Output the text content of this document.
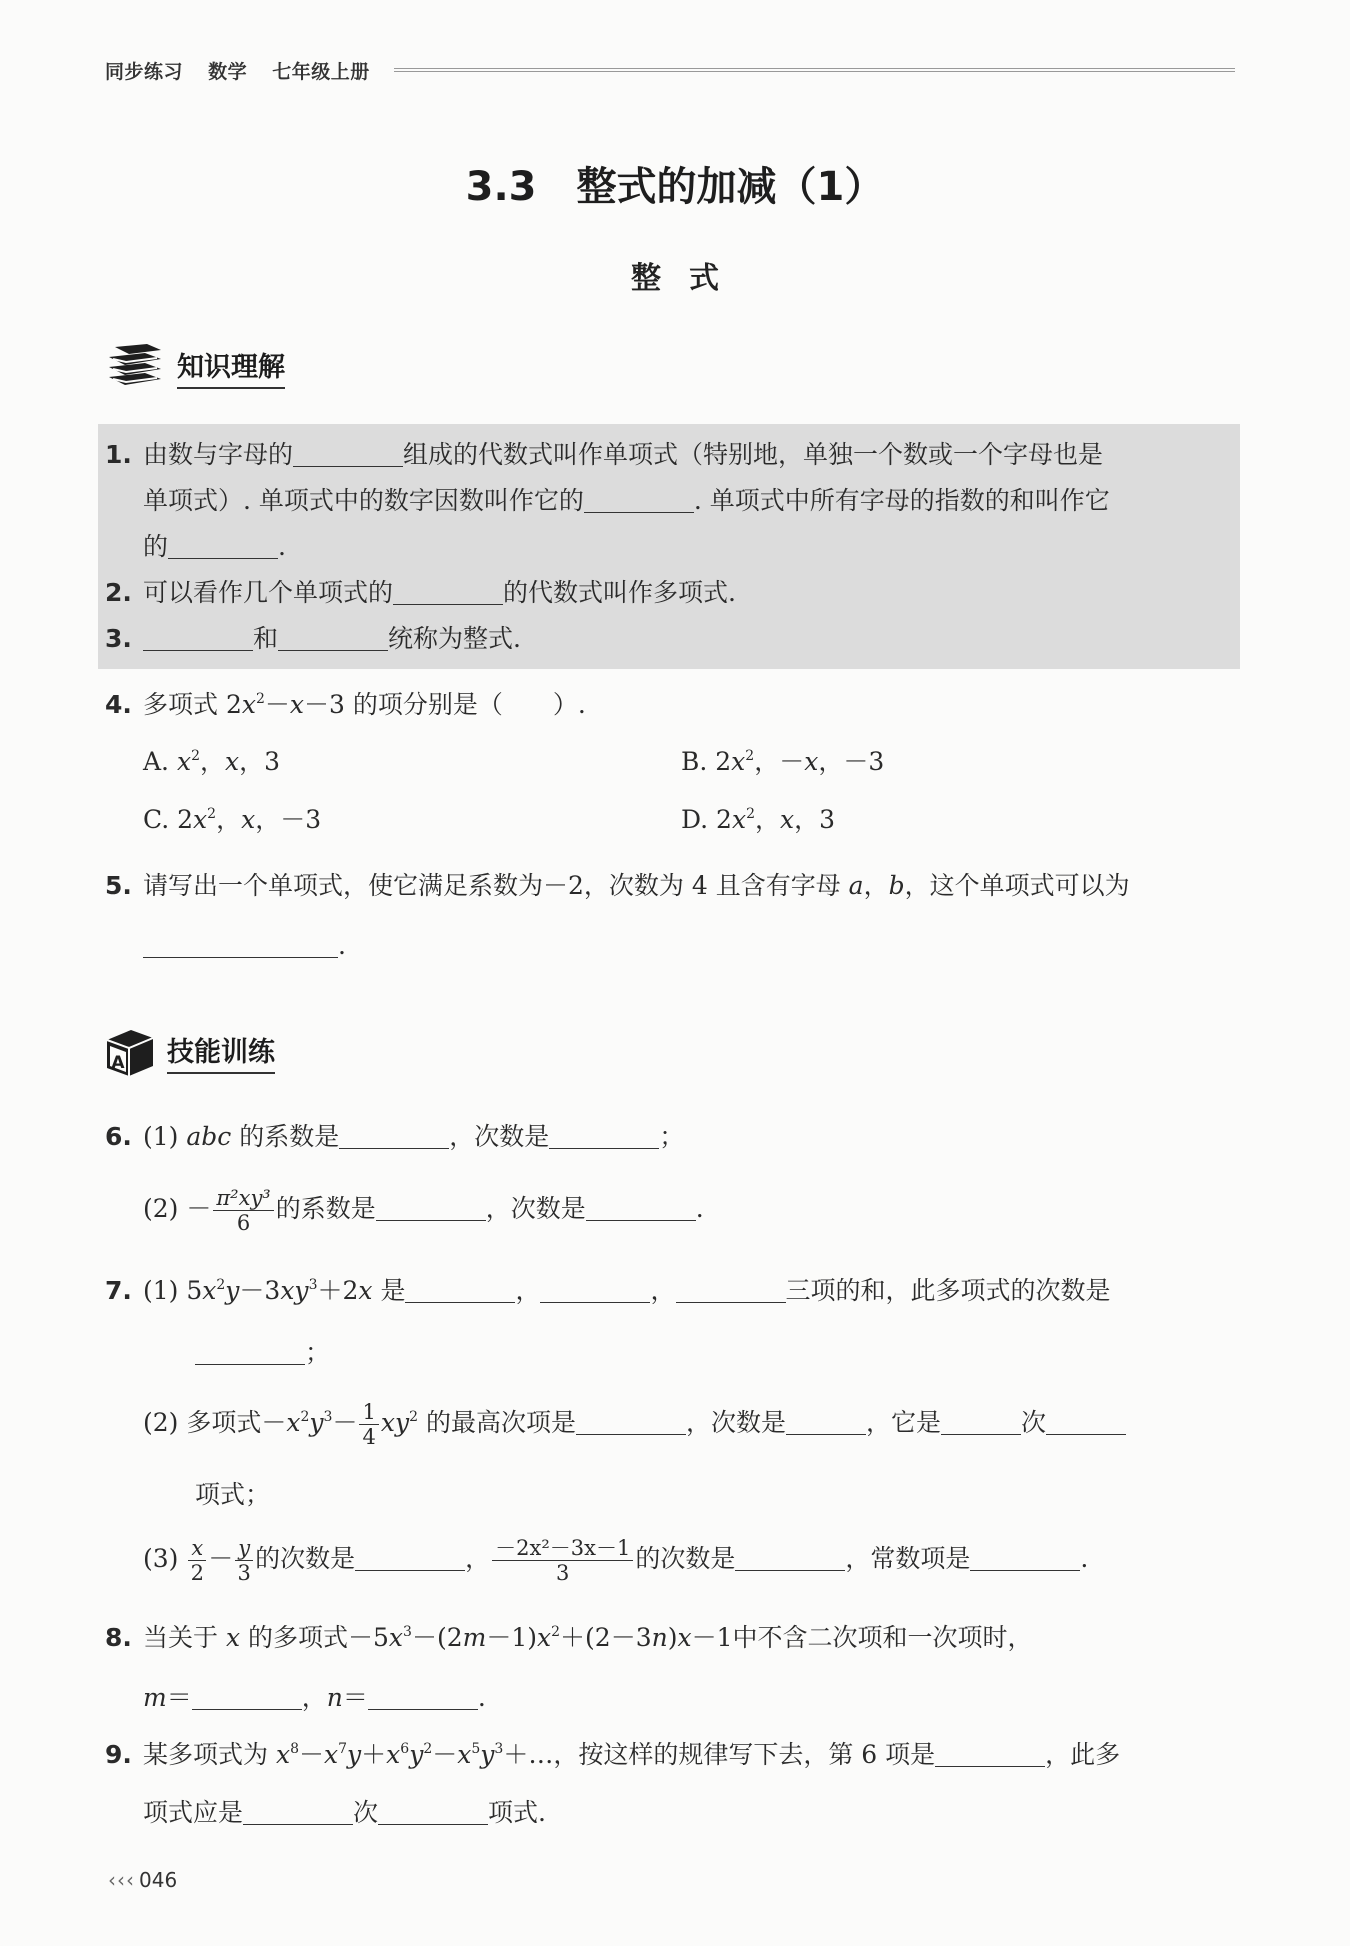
同步练习 数学 七年级上册
3.3　整式的加减（1）
整式
知识理解
1. 由数与字母的	组成的代数式叫作单项式（特别地，单独一个数或一个字母也是
单项式）. 单项式中的数字因数叫作它的	. 单项式中所有字母的指数的和叫作它
的	.
2. 可以看作几个单项式的	的代数式叫作多项式.
3.	和	统称为整式.
4. 多项式 $2x^2-x-3$ 的项分别是（　　）.
A. $x^2$，x，3	B. $2x^2$，－x，－3
C. $2x^2$，x，－3	D. $2x^2$，x，3
5. 请写出一个单项式，使它满足系数为－2，次数为 4 且含有字母 a，b，这个单项式可以为
.
A 技能训练
6. (1) abc 的系数是	，次数是	；
$(2) - \frac{\text{π²xy³}}{6}$ 的系数是	，次数是	.
7. (1) $5x^2y-3xy^3+2x$ 是	，	，	三项的和，此多项式的次数是
；
(2) 多项式$-x^2y^3- \frac{1}{4} xy^2$ 的最高次项是	，次数是	，它是	次
项式；
$(3) \frac{x}{2} - \frac{y}{3}$ 的次数是	， $\frac{\text{－2x²－3x－1}}{3}$ 的次数是	，常数项是	.
8. 当关于 x 的多项式$-5x^3-(2m-1)x^2+(2-3n)x-1$中不含二次项和一次项时，
m＝	，n＝	.
9. 某多项式为 $x^8-x^7y+x^6y^2-x^5y^3+\dots$，按这样的规律写下去，第 6 项是	，此多
项式应是	次	项式.
‹‹‹ 046
